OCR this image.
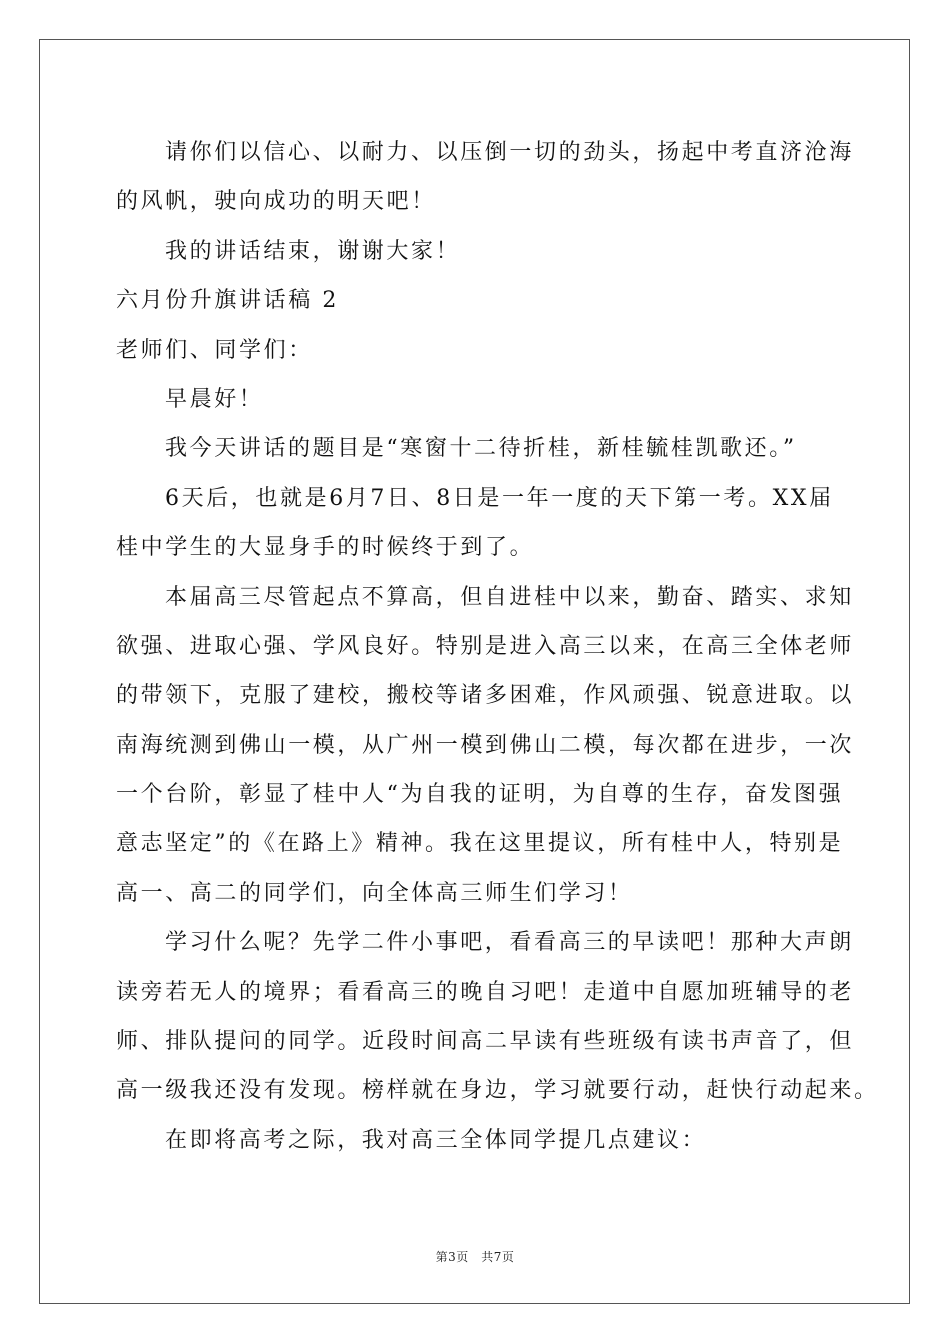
请你们以信心、以耐力、以压倒一切的劲头，扬起中考直济沧海
的风帆，驶向成功的明天吧！
我的讲话结束，谢谢大家！
六月份升旗讲话稿 2
老师们、同学们：
早晨好！
我今天讲话的题目是“寒窗十二待折桂，新桂毓桂凯歌还。”
6天后，也就是6月7日、8日是一年一度的天下第一考。XX届
桂中学生的大显身手的时候终于到了。
本届高三尽管起点不算高，但自进桂中以来，勤奋、踏实、求知
欲强、进取心强、学风良好。特别是进入高三以来，在高三全体老师
的带领下，克服了建校，搬校等诸多困难，作风顽强、锐意进取。以
南海统测到佛山一模，从广州一模到佛山二模，每次都在进步，一次
一个台阶，彰显了桂中人“为自我的证明，为自尊的生存，奋发图强
意志坚定”的《在路上》精神。我在这里提议，所有桂中人，特别是
高一、高二的同学们，向全体高三师生们学习！
学习什么呢？先学二件小事吧，看看高三的早读吧！那种大声朗
读旁若无人的境界；看看高三的晚自习吧！走道中自愿加班辅导的老
师、排队提问的同学。近段时间高二早读有些班级有读书声音了，但
高一级我还没有发现。榜样就在身边，学习就要行动，赶快行动起来。
在即将高考之际，我对高三全体同学提几点建议：
第3页　共7页
